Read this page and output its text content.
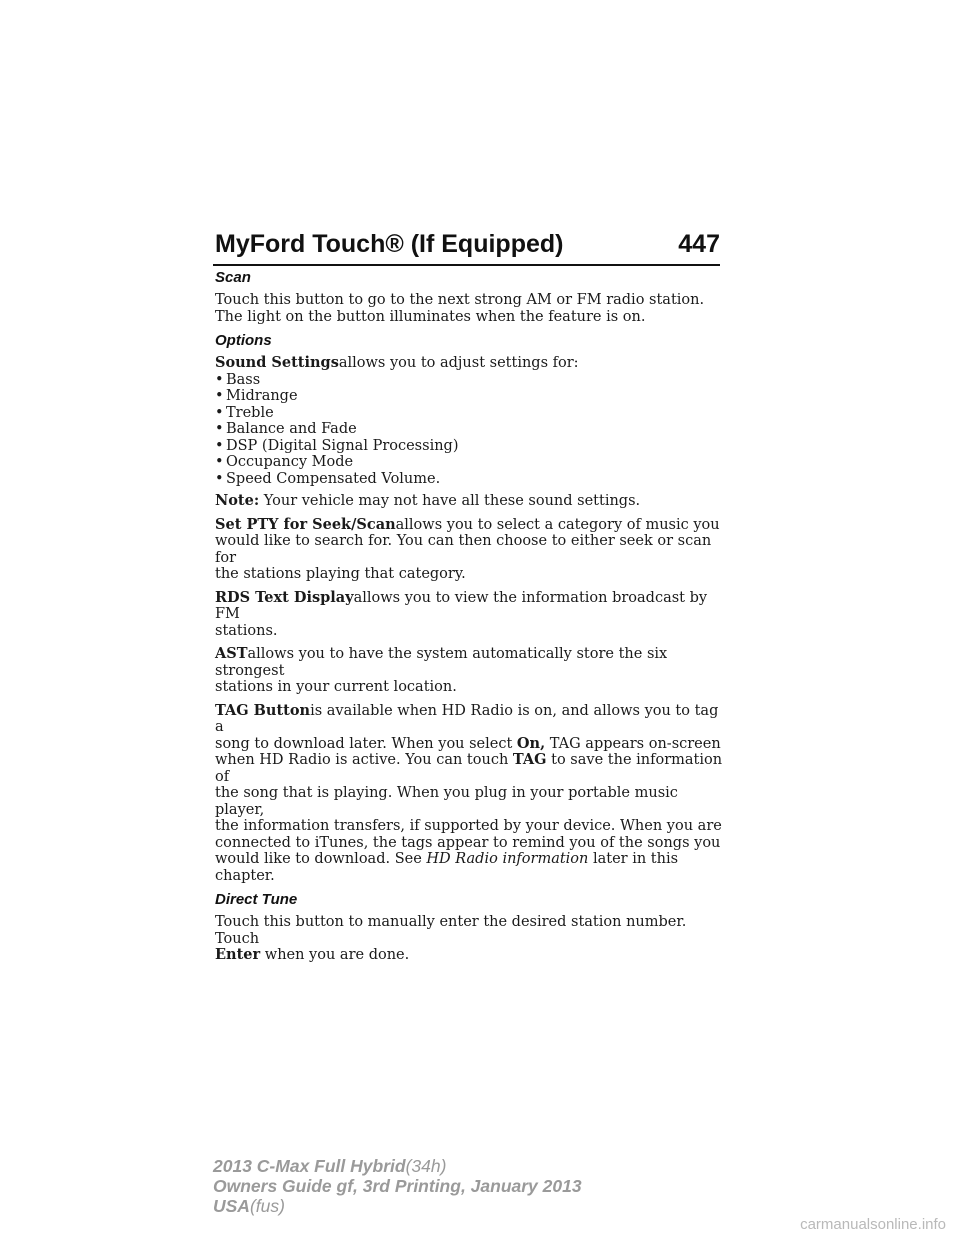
MyFord Touch® (If Equipped)	447
Scan

Touch this button to go to the next strong AM or FM radio station.
The light on the button illuminates when the feature is on.

Options

Sound Settingsallows you to adjust settings for:

• Bass
• Midrange
• Treble
• Balance and Fade
• DSP (Digital Signal Processing)
• Occupancy Mode
• Speed Compensated Volume.

Note: Your vehicle may not have all these sound settings.

Set PTY for Seek/Scanallows you to select a category of music you
would like to search for. You can then choose to either seek or scan for
the stations playing that category.

RDS Text Displayallows you to view the information broadcast by FM
stations.

ASTallows you to have the system automatically store the six strongest
stations in your current location.

TAG Buttonis available when HD Radio is on, and allows you to tag a
song to download later. When you select On, TAG appears on-screen
when HD Radio is active. You can touch TAG to save the information of
the song that is playing. When you plug in your portable music player,
the information transfers, if supported by your device. When you are
connected to iTunes, the tags appear to remind you of the songs you
would like to download. See HD Radio information later in this chapter.

Direct Tune

Touch this button to manually enter the desired station number. Touch
Enter when you are done.

2013 C-Max Full Hybrid(34h)
Owners Guide gf, 3rd Printing, January 2013
USA(fus)
carmanualsonline.info
